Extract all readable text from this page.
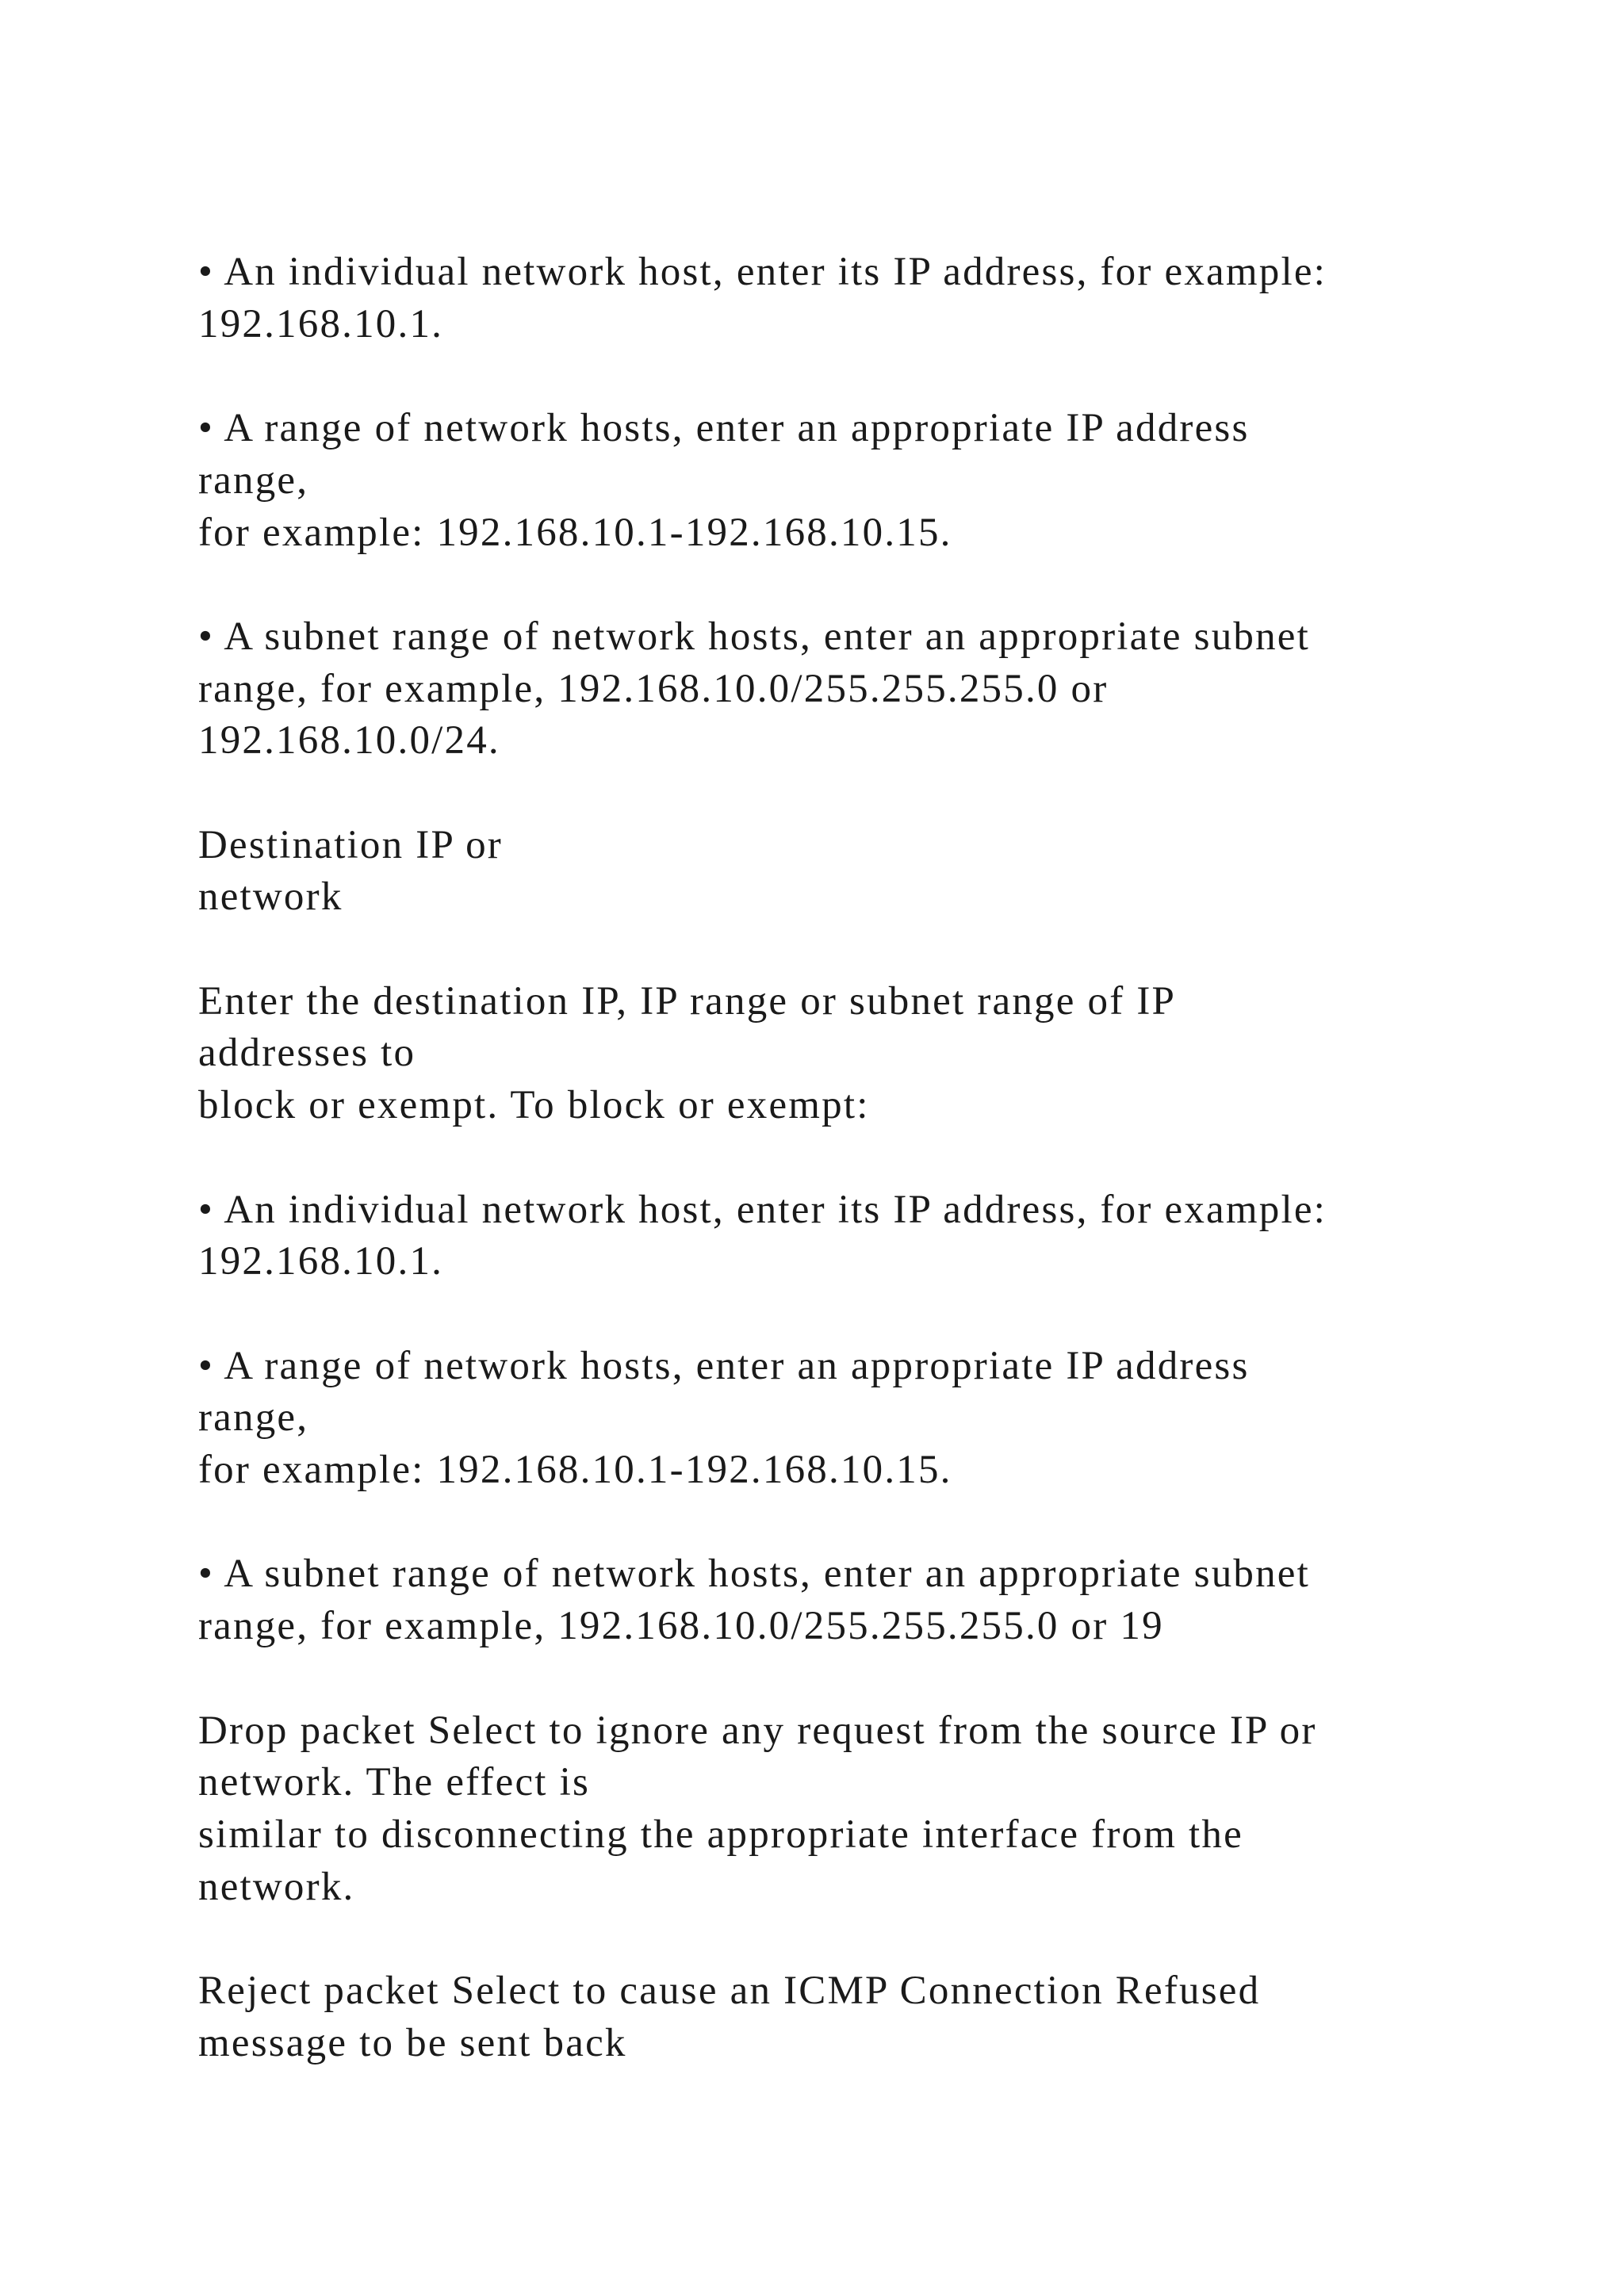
• An individual network host, enter its IP address, for example:
192.168.10.1.
• A range of network hosts, enter an appropriate IP address
range,
for example: 192.168.10.1-192.168.10.15.
• A subnet range of network hosts, enter an appropriate subnet
range, for example, 192.168.10.0/255.255.255.0 or
192.168.10.0/24.
Destination IP or
network
Enter the destination IP, IP range or subnet range of IP
addresses to
block or exempt. To block or exempt:
• An individual network host, enter its IP address, for example:
192.168.10.1.
• A range of network hosts, enter an appropriate IP address
range,
for example: 192.168.10.1-192.168.10.15.
• A subnet range of network hosts, enter an appropriate subnet
range, for example, 192.168.10.0/255.255.255.0 or 19
Drop packet Select to ignore any request from the source IP or
network. The effect is
similar to disconnecting the appropriate interface from the
network.
Reject packet Select to cause an ICMP Connection Refused
message to be sent back
